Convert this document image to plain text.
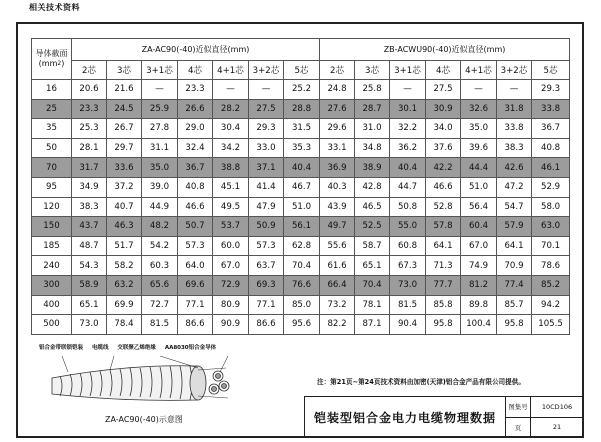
相关技术资料
导体截面
$(mm^2)$	ZA-AC90(-40)近似直径(mm)							ZB-ACWU90(-40)近似直径(mm)						
	2芯	3芯	3+1芯	4芯	4+1芯	3+2芯	5芯	2芯	3芯	3+1芯	4芯	4+1芯	3+2芯	5芯
16	20.6	21.6	—	23.3	—	—	25.2	24.8	25.8	—	27.5	—	—	29.3
25	23.3	24.5	25.9	26.6	28.2	27.5	28.8	27.6	28.7	30.1	30.9	32.6	31.8	33.8
35	25.3	26.7	27.8	29.0	30.4	29.3	31.5	29.6	31.0	32.2	34.0	35.0	33.8	36.7
50	28.1	29.7	31.1	32.4	34.2	33.0	35.3	33.1	34.8	36.2	37.6	39.6	38.3	40.8
70	31.7	33.6	35.0	36.7	38.8	37.1	40.4	36.9	38.9	40.4	42.2	44.4	42.6	46.1
95	34.9	37.2	39.0	40.8	45.1	41.4	46.7	40.3	42.8	44.7	46.6	51.0	47.2	52.9
120	38.3	40.7	44.9	46.6	49.5	47.9	51.0	43.9	46.5	50.8	52.8	56.4	54.7	58.0
150	43.7	46.3	48.2	50.7	53.7	50.9	56.1	49.7	52.5	55.0	57.8	60.4	57.9	63.0
185	48.7	51.7	54.2	57.3	60.0	57.3	62.8	55.6	58.7	60.8	64.1	67.0	64.1	70.1
240	54.3	58.2	60.3	64.0	67.0	63.7	70.4	61.6	65.1	67.3	71.3	74.9	70.9	78.6
300	58.9	63.2	65.6	69.6	72.9	69.3	76.6	66.4	70.4	73.0	77.7	81.2	77.4	85.2
400	65.1	69.9	72.7	77.1	80.9	77.1	85.0	73.2	78.1	81.5	85.8	89.8	85.7	94.2
500	73.0	78.4	81.5	86.6	90.9	86.6	95.6	82.2	87.1	90.4	95.8	100.4	95.8	105.5
铝合金带联锁铠装 电缆线 交联聚乙烯绝缘 AA8030铝合金导体
ZA-AC90(-40)示意图
注：第21页~第24页技术资料由加密(天津)铝合金产品有限公司提供。
铠装型铝合金电力电缆物理数据	图集号	10CD106
	页	21
